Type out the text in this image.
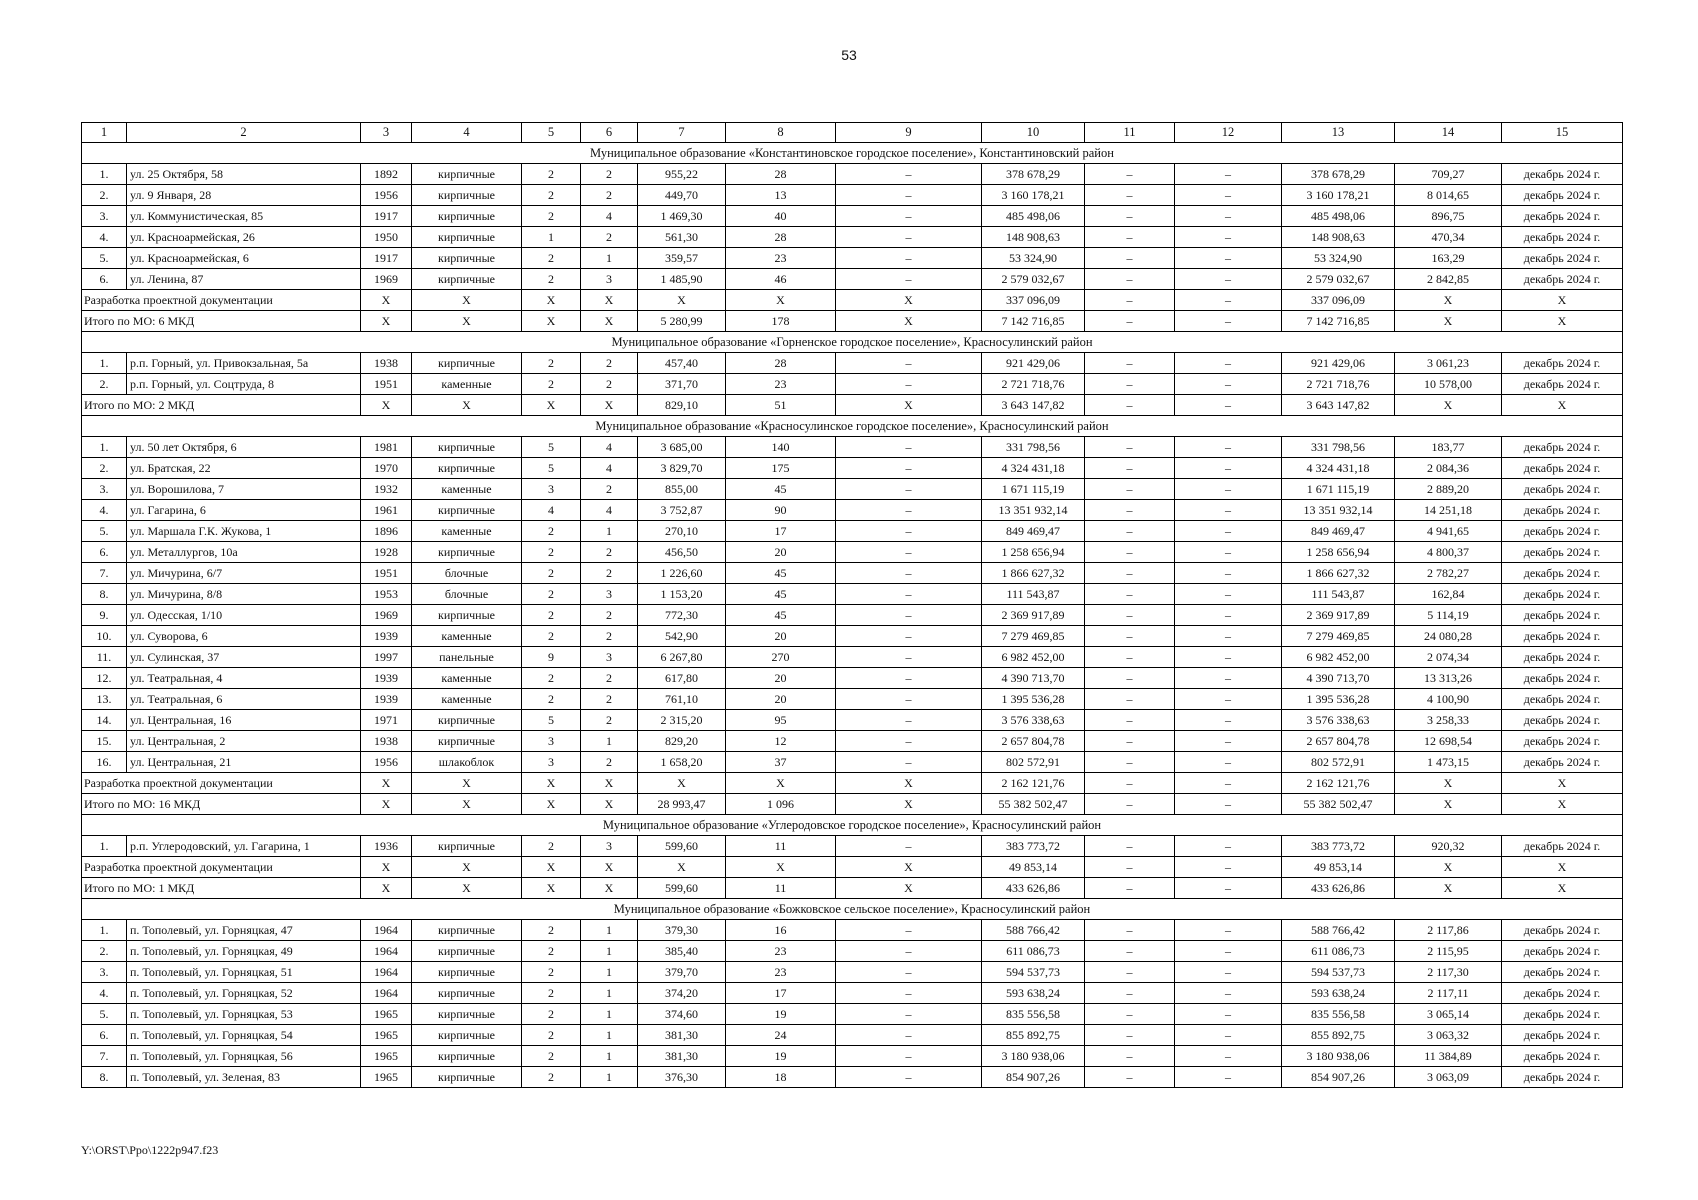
53
1	2	3	4	5	6	7	8	9	10	11	12	13	14	15
Муниципальное образование «Константиновское городское поселение», Константиновский район														
1.	ул. 25 Октября, 58	1892	кирпичные	2	2	955,22	28	–	378 678,29	–	–	378 678,29	709,27	декабрь 2024 г.
2.	ул. 9 Января, 28	1956	кирпичные	2	2	449,70	13	–	3 160 178,21	–	–	3 160 178,21	8 014,65	декабрь 2024 г.
3.	ул. Коммунистическая, 85	1917	кирпичные	2	4	1 469,30	40	–	485 498,06	–	–	485 498,06	896,75	декабрь 2024 г.
4.	ул. Красноармейская, 26	1950	кирпичные	1	2	561,30	28	–	148 908,63	–	–	148 908,63	470,34	декабрь 2024 г.
5.	ул. Красноармейская, 6	1917	кирпичные	2	1	359,57	23	–	53 324,90	–	–	53 324,90	163,29	декабрь 2024 г.
6.	ул. Ленина, 87	1969	кирпичные	2	3	1 485,90	46	–	2 579 032,67	–	–	2 579 032,67	2 842,85	декабрь 2024 г.
Разработка проектной документации		X	X	X	X	X	X	X	337 096,09	–	–	337 096,09	X	X
Итого по МО: 6 МКД		X	X	X	X	5 280,99	178	X	7 142 716,85	–	–	7 142 716,85	X	X
Муниципальное образование «Горненское городское поселение», Красносулинский район														
1.	р.п. Горный, ул. Привокзальная, 5а	1938	кирпичные	2	2	457,40	28	–	921 429,06	–	–	921 429,06	3 061,23	декабрь 2024 г.
2.	р.п. Горный, ул. Соцтруда, 8	1951	каменные	2	2	371,70	23	–	2 721 718,76	–	–	2 721 718,76	10 578,00	декабрь 2024 г.
Итого по МО: 2 МКД		X	X	X	X	829,10	51	X	3 643 147,82	–	–	3 643 147,82	X	X
Муниципальное образование «Красносулинское городское поселение», Красносулинский район														
1.	ул. 50 лет Октября, 6	1981	кирпичные	5	4	3 685,00	140	–	331 798,56	–	–	331 798,56	183,77	декабрь 2024 г.
2.	ул. Братская, 22	1970	кирпичные	5	4	3 829,70	175	–	4 324 431,18	–	–	4 324 431,18	2 084,36	декабрь 2024 г.
3.	ул. Ворошилова, 7	1932	каменные	3	2	855,00	45	–	1 671 115,19	–	–	1 671 115,19	2 889,20	декабрь 2024 г.
4.	ул. Гагарина, 6	1961	кирпичные	4	4	3 752,87	90	–	13 351 932,14	–	–	13 351 932,14	14 251,18	декабрь 2024 г.
5.	ул. Маршала Г.К. Жукова, 1	1896	каменные	2	1	270,10	17	–	849 469,47	–	–	849 469,47	4 941,65	декабрь 2024 г.
6.	ул. Металлургов, 10а	1928	кирпичные	2	2	456,50	20	–	1 258 656,94	–	–	1 258 656,94	4 800,37	декабрь 2024 г.
7.	ул. Мичурина, 6/7	1951	блочные	2	2	1 226,60	45	–	1 866 627,32	–	–	1 866 627,32	2 782,27	декабрь 2024 г.
8.	ул. Мичурина, 8/8	1953	блочные	2	3	1 153,20	45	–	111 543,87	–	–	111 543,87	162,84	декабрь 2024 г.
9.	ул. Одесская, 1/10	1969	кирпичные	2	2	772,30	45	–	2 369 917,89	–	–	2 369 917,89	5 114,19	декабрь 2024 г.
10.	ул. Суворова, 6	1939	каменные	2	2	542,90	20	–	7 279 469,85	–	–	7 279 469,85	24 080,28	декабрь 2024 г.
11.	ул. Сулинская, 37	1997	панельные	9	3	6 267,80	270	–	6 982 452,00	–	–	6 982 452,00	2 074,34	декабрь 2024 г.
12.	ул. Театральная, 4	1939	каменные	2	2	617,80	20	–	4 390 713,70	–	–	4 390 713,70	13 313,26	декабрь 2024 г.
13.	ул. Театральная, 6	1939	каменные	2	2	761,10	20	–	1 395 536,28	–	–	1 395 536,28	4 100,90	декабрь 2024 г.
14.	ул. Центральная, 16	1971	кирпичные	5	2	2 315,20	95	–	3 576 338,63	–	–	3 576 338,63	3 258,33	декабрь 2024 г.
15.	ул. Центральная, 2	1938	кирпичные	3	1	829,20	12	–	2 657 804,78	–	–	2 657 804,78	12 698,54	декабрь 2024 г.
16.	ул. Центральная, 21	1956	шлакоблок	3	2	1 658,20	37	–	802 572,91	–	–	802 572,91	1 473,15	декабрь 2024 г.
Разработка проектной документации		X	X	X	X	X	X	X	2 162 121,76	–	–	2 162 121,76	X	X
Итого по МО: 16 МКД		X	X	X	X	28 993,47	1 096	X	55 382 502,47	–	–	55 382 502,47	X	X
Муниципальное образование «Углеродовское городское поселение», Красносулинский район														
1.	р.п. Углеродовский, ул. Гагарина, 1	1936	кирпичные	2	3	599,60	11	–	383 773,72	–	–	383 773,72	920,32	декабрь 2024 г.
Разработка проектной документации		X	X	X	X	X	X	X	49 853,14	–	–	49 853,14	X	X
Итого по МО: 1 МКД		X	X	X	X	599,60	11	X	433 626,86	–	–	433 626,86	X	X
Муниципальное образование «Божковское сельское поселение», Красносулинский район														
1.	п. Тополевый, ул. Горняцкая, 47	1964	кирпичные	2	1	379,30	16	–	588 766,42	–	–	588 766,42	2 117,86	декабрь 2024 г.
2.	п. Тополевый, ул. Горняцкая, 49	1964	кирпичные	2	1	385,40	23	–	611 086,73	–	–	611 086,73	2 115,95	декабрь 2024 г.
3.	п. Тополевый, ул. Горняцкая, 51	1964	кирпичные	2	1	379,70	23	–	594 537,73	–	–	594 537,73	2 117,30	декабрь 2024 г.
4.	п. Тополевый, ул. Горняцкая, 52	1964	кирпичные	2	1	374,20	17	–	593 638,24	–	–	593 638,24	2 117,11	декабрь 2024 г.
5.	п. Тополевый, ул. Горняцкая, 53	1965	кирпичные	2	1	374,60	19	–	835 556,58	–	–	835 556,58	3 065,14	декабрь 2024 г.
6.	п. Тополевый, ул. Горняцкая, 54	1965	кирпичные	2	1	381,30	24	–	855 892,75	–	–	855 892,75	3 063,32	декабрь 2024 г.
7.	п. Тополевый, ул. Горняцкая, 56	1965	кирпичные	2	1	381,30	19	–	3 180 938,06	–	–	3 180 938,06	11 384,89	декабрь 2024 г.
8.	п. Тополевый, ул. Зеленая, 83	1965	кирпичные	2	1	376,30	18	–	854 907,26	–	–	854 907,26	3 063,09	декабрь 2024 г.
Y:\ORST\Ppo\1222p947.f23
